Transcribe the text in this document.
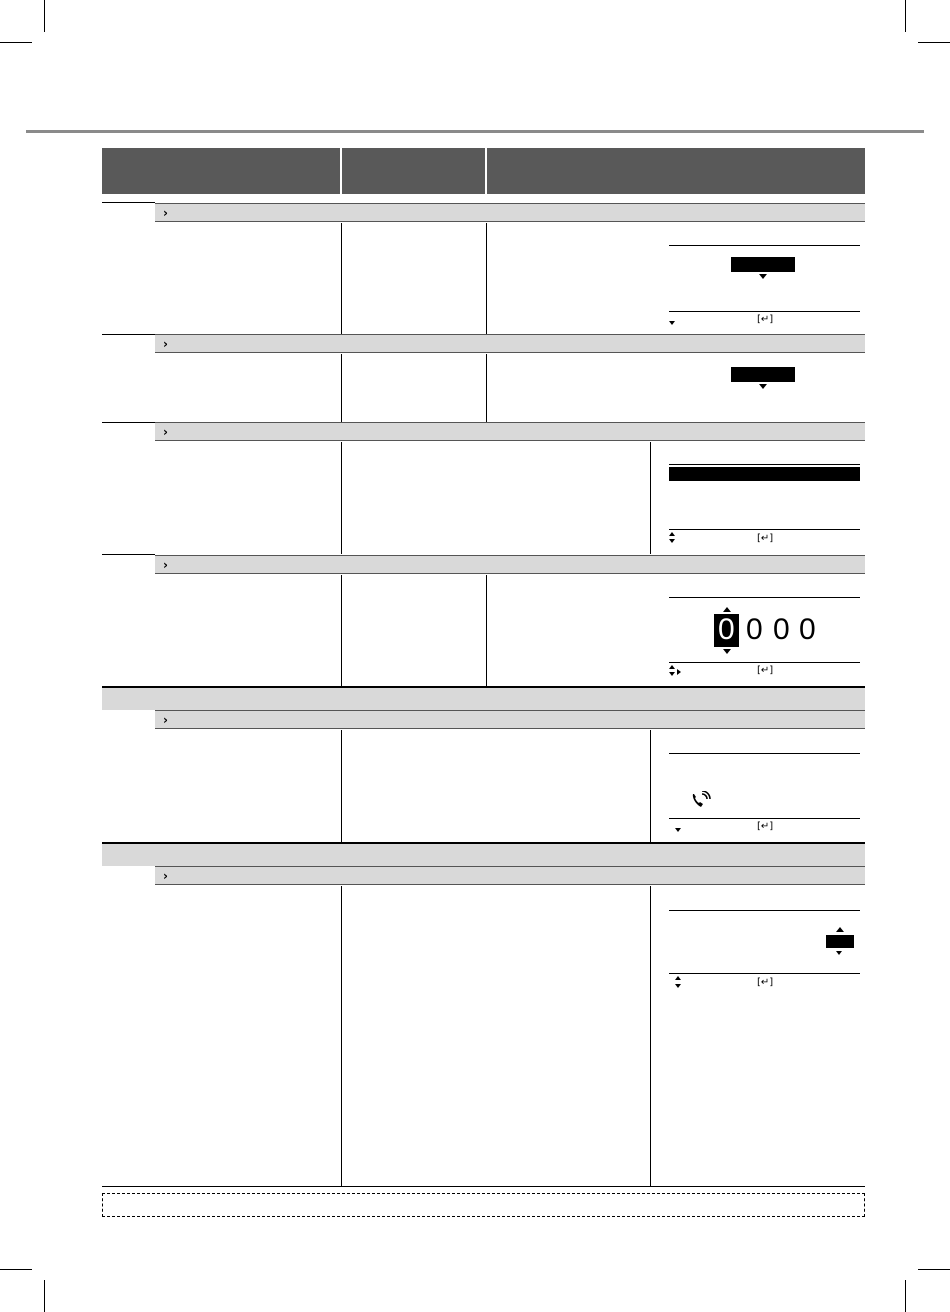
›
[↵]
›
›
[↵]
›
0 0 0 0
[↵]
›
[↵]
›
[↵]
